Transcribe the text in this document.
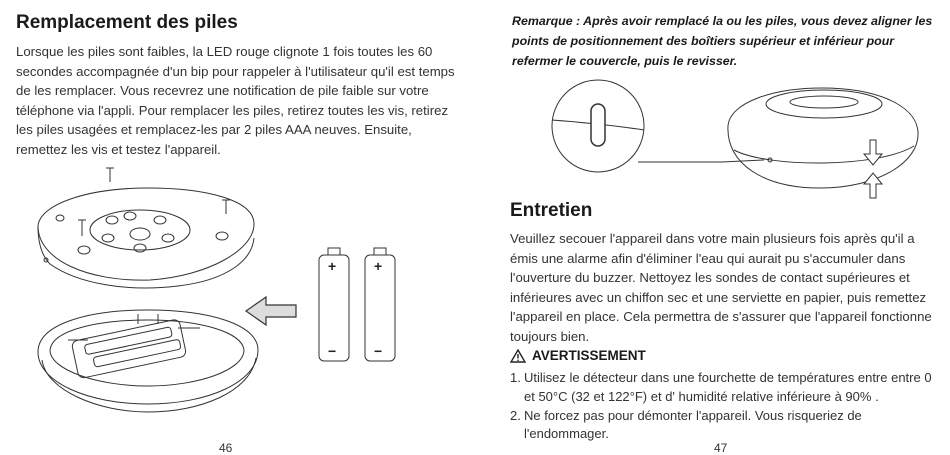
Remplacement des piles

Lorsque les piles sont faibles, la LED rouge clignote 1 fois toutes les 60 secondes accompagnée d'un bip pour rappeler à l'utilisateur qu'il est temps de les remplacer. Vous recevrez une notification de pile faible sur votre téléphone via l'appli. Pour remplacer les piles, retirez toutes les vis, retirez les piles usagées et remplacez-les par 2 piles AAA neuves. Ensuite, remettez les vis et testez l'appareil.

+
−
+
−
46

Remarque : Après avoir remplacé la ou les piles, vous devez aligner les points de positionnement des boîtiers supérieur et inférieur pour refermer le couvercle, puis le revisser.

Entretien

Veuillez secouer l'appareil dans votre main plusieurs fois après qu'il a émis une alarme afin d'éliminer l'eau qui aurait pu s'accumuler dans l'ouverture du buzzer. Nettoyez les sondes de contact supérieures et inférieures avec un chiffon sec et une serviette en papier, puis remettez l'appareil en place. Cela permettra de s'assurer que l'appareil fonctionne toujours bien.

AVERTISSEMENT
1. Utilisez le détecteur dans une fourchette de températures entre entre 0 et 50°C (32 et 122°F) et d' humidité relative inférieure à 90% .
2. Ne forcez pas pour démonter l'appareil. Vous risqueriez de l'endommager.
47
